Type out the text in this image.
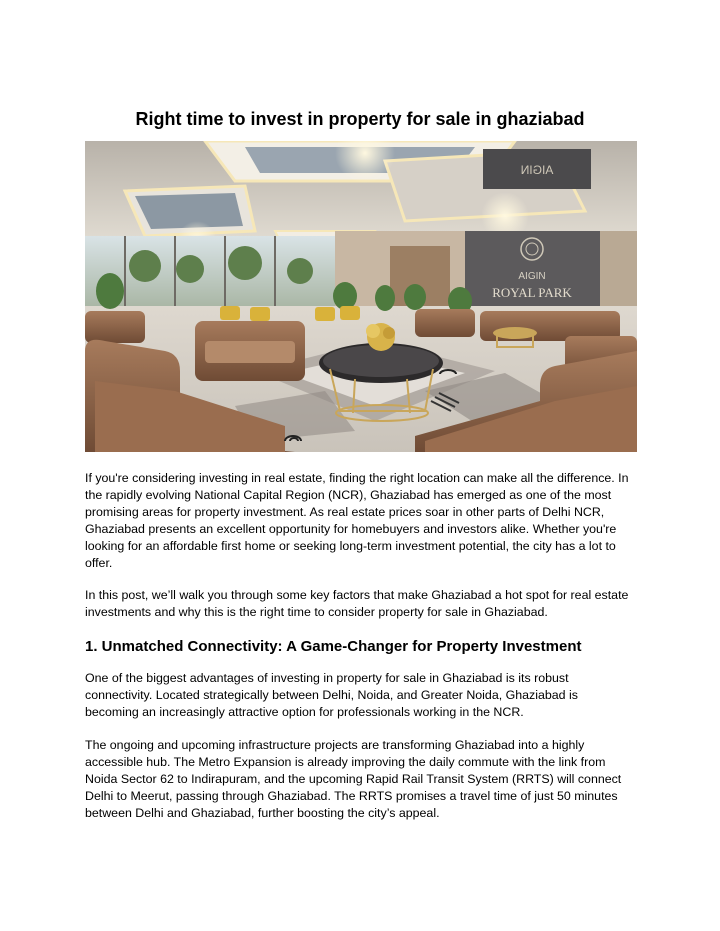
Right time to invest in property for sale in ghaziabad
AIGIN
AIGIN
ROYAL PARK

If you're considering investing in real estate, finding the right location can make all the difference. In the rapidly evolving National Capital Region (NCR), Ghaziabad has emerged as one of the most promising areas for property investment. As real estate prices soar in other parts of Delhi NCR, Ghaziabad presents an excellent opportunity for homebuyers and investors alike. Whether you're looking for an affordable first home or seeking long-term investment potential, the city has a lot to offer.

In this post, we’ll walk you through some key factors that make Ghaziabad a hot spot for real estate investments and why this is the right time to consider property for sale in Ghaziabad.

1. Unmatched Connectivity: A Game-Changer for Property Investment

One of the biggest advantages of investing in property for sale in Ghaziabad is its robust connectivity. Located strategically between Delhi, Noida, and Greater Noida, Ghaziabad is becoming an increasingly attractive option for professionals working in the NCR.

The ongoing and upcoming infrastructure projects are transforming Ghaziabad into a highly accessible hub. The Metro Expansion is already improving the daily commute with the link from Noida Sector 62 to Indirapuram, and the upcoming Rapid Rail Transit System (RRTS) will connect Delhi to Meerut, passing through Ghaziabad. The RRTS promises a travel time of just 50 minutes between Delhi and Ghaziabad, further boosting the city’s appeal.
